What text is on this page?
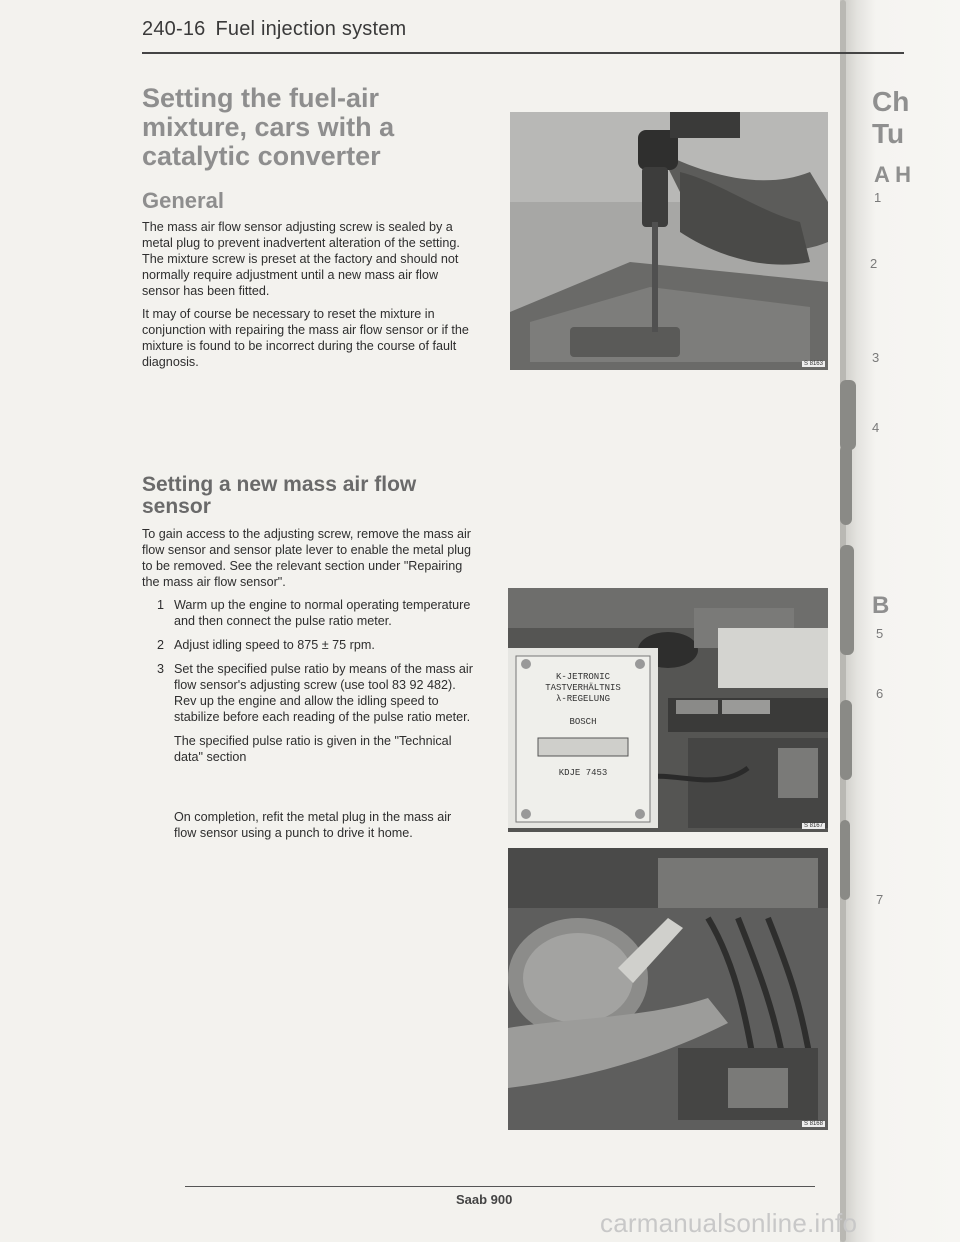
Ch
Tu
A H
1
2
3
4
B
5
6
7
240-16 Fuel injection system
Setting the fuel-air mixture, cars with a catalytic converter
General

The mass air flow sensor adjusting screw is sealed by a metal plug to prevent inadvertent alteration of the setting. The mixture screw is preset at the factory and should not normally require adjustment until a new mass air flow sensor has been fitted.

It may of course be necessary to reset the mixture in conjunction with repairing the mass air flow sensor or if the mixture is found to be incorrect during the course of fault diagnosis.

Setting a new mass air flow sensor

To gain access to the adjusting screw, remove the mass air flow sensor and sensor plate lever to enable the metal plug to be removed. See the relevant section under "Repairing the mass air flow sensor".

1 Warm up the engine to normal operating temperature and then connect the pulse ratio meter.
2 Adjust idling speed to 875 ± 75 rpm.
3 Set the specified pulse ratio by means of the mass air flow sensor's adjusting screw (use tool 83 92 482). Rev up the engine and allow the idling speed to stabilize before each reading of the pulse ratio meter.

The specified pulse ratio is given in the "Technical data" section

On completion, refit the metal plug in the mass air flow sensor using a punch to drive it home.

S 8163
K-JETRONIC
TASTVERHÄLTNIS
λ-REGELUNG
BOSCH
KDJE 7453
S 8167
S 8168
Saab 900
carmanualsonline.info
